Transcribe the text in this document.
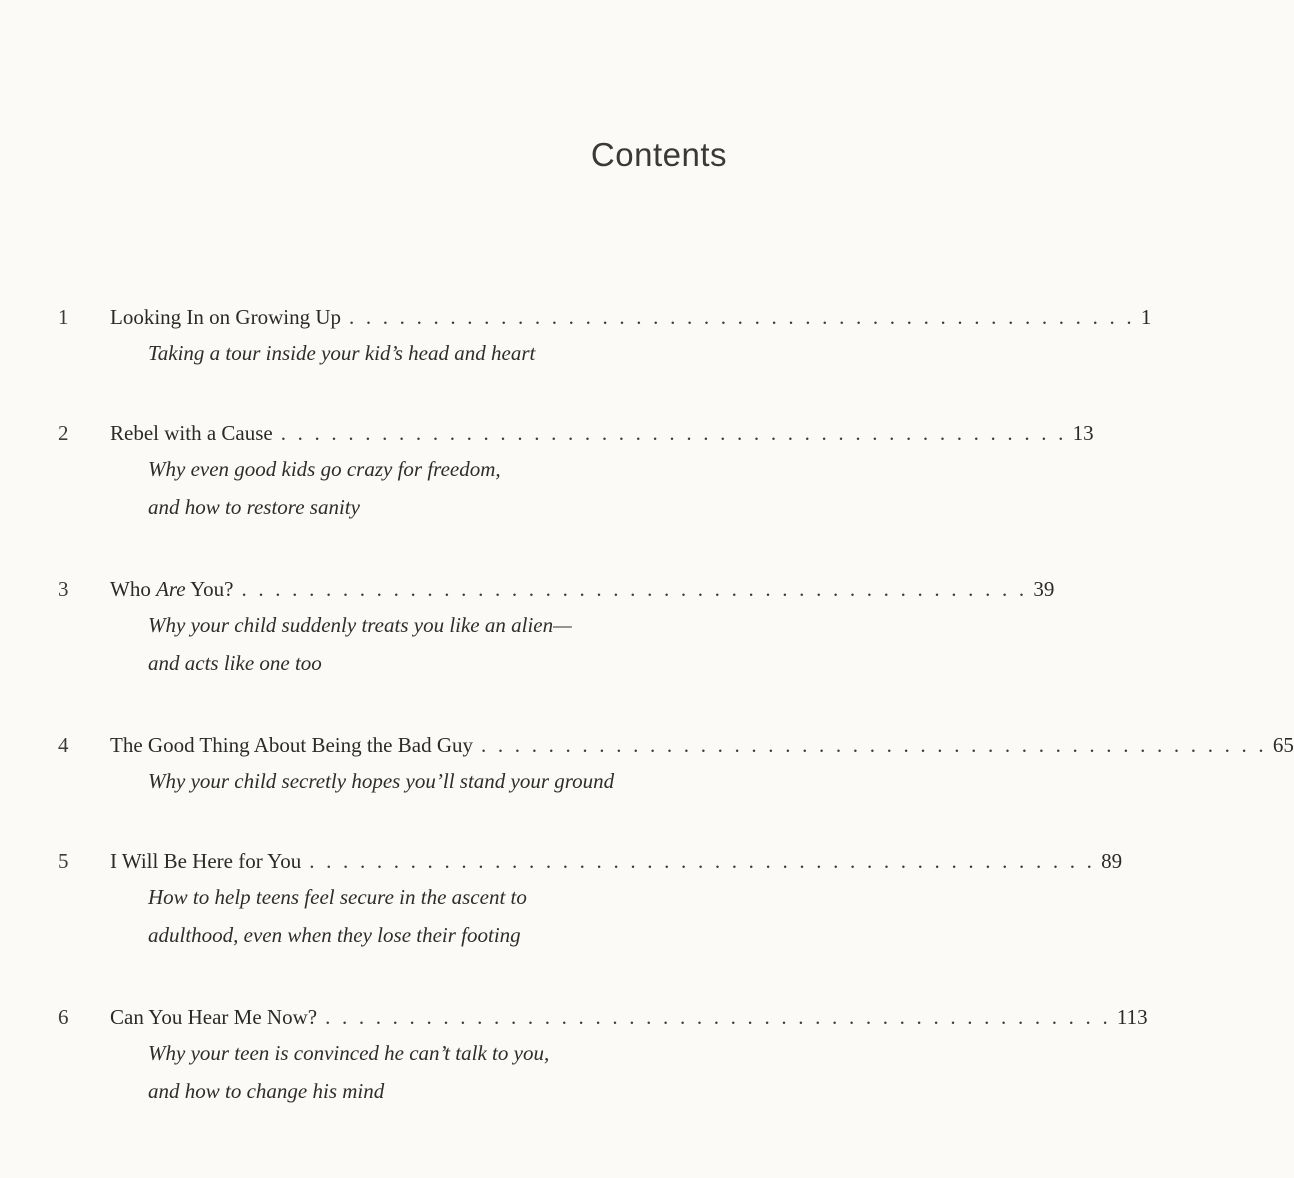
Contents
1	Looking In on Growing Up . . . . . . . . . . . . . . . . . . . . . . . . . . . . . . . . . . . . . . . . . . . . . . . 1
Taking a tour inside your kid’s head and heart
2	Rebel with a Cause . . . . . . . . . . . . . . . . . . . . . . . . . . . . . . . . . . . . . . . . . . . . . . . 13
Why even good kids go crazy for freedom,
and how to restore sanity
3	Who Are You? . . . . . . . . . . . . . . . . . . . . . . . . . . . . . . . . . . . . . . . . . . . . . . . 39
Why your child suddenly treats you like an alien—
and acts like one too
4	The Good Thing About Being the Bad Guy . . . . . . . . . . . . . . . . . . . . . . . . . . . . . . . . . . . . . . . . . . . . . . . 65
Why your child secretly hopes you’ll stand your ground
5	I Will Be Here for You . . . . . . . . . . . . . . . . . . . . . . . . . . . . . . . . . . . . . . . . . . . . . . . 89
How to help teens feel secure in the ascent to
adulthood, even when they lose their footing
6	Can You Hear Me Now? . . . . . . . . . . . . . . . . . . . . . . . . . . . . . . . . . . . . . . . . . . . . . . . 113
Why your teen is convinced he can’t talk to you,
and how to change his mind
